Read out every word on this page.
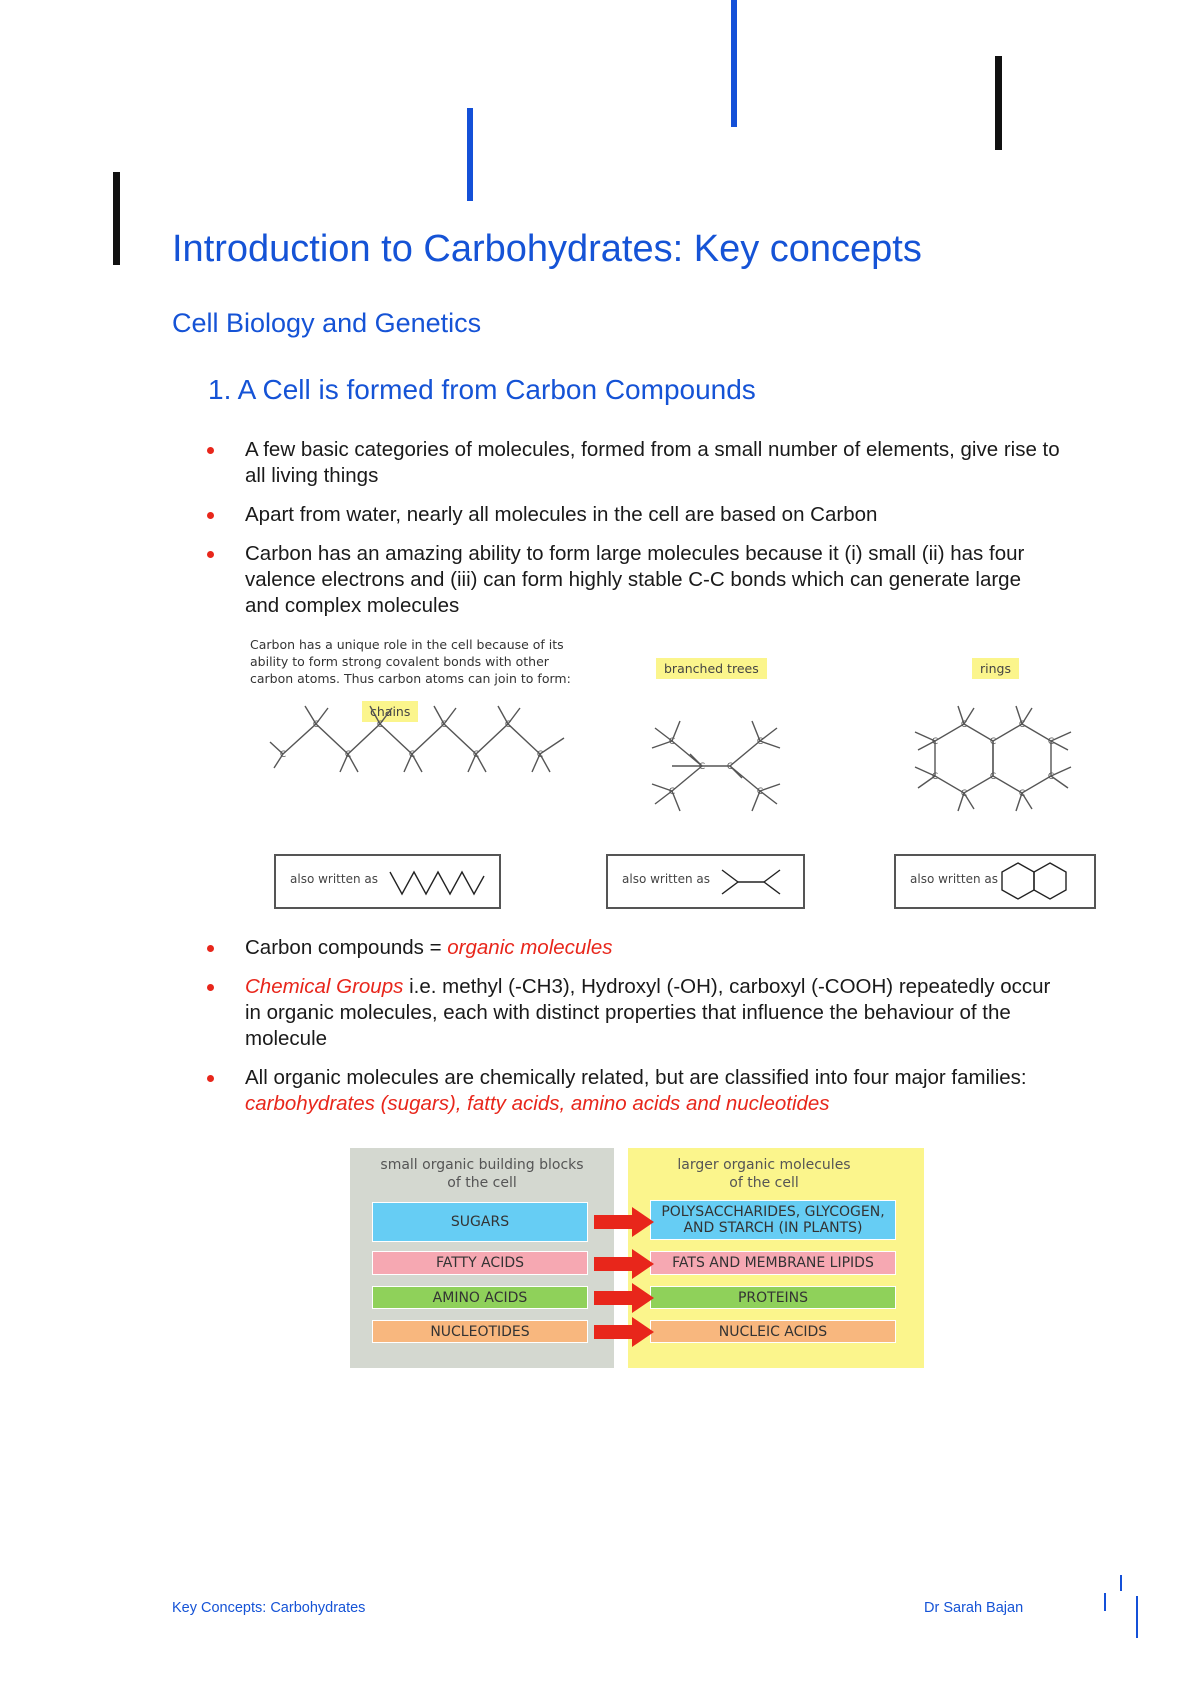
Introduction to Carbohydrates: Key concepts
Cell Biology and Genetics
1. A Cell is formed from Carbon Compounds
A few basic categories of molecules, formed from a small number of elements, give rise to all living things
Apart from water, nearly all molecules in the cell are based on Carbon
Carbon has an amazing ability to form large molecules because it (i) small (ii) has four valence electrons and (iii) can form highly stable C-C bonds which can generate large and complex molecules
Carbon has a unique role in the cell because of its
ability to form strong covalent bonds with other
carbon atoms. Thus carbon atoms can join to form:
chains
branched trees	rings
C
C
C
C
C
C
C
C
C
C
C
C C
C
C
C	C
C
C
C
C
C
C
C	C
also written as	also written as	also written as
Carbon compounds = organic molecules
Chemical Groups i.e. methyl (-CH3), Hydroxyl (-OH), carboxyl (-COOH) repeatedly occur in organic molecules, each with distinct properties that influence the behaviour of the molecule
All organic molecules are chemically related, but are classified into four major families: carbohydrates (sugars), fatty acids, amino acids and nucleotides
small organic building blocks
of the cell
SUGARS
FATTY ACIDS
AMINO ACIDS
NUCLEOTIDES
larger organic molecules
of the cell
POLYSACCHARIDES, GLYCOGEN,
AND STARCH (IN PLANTS)
FATS AND MEMBRANE LIPIDS
PROTEINS
NUCLEIC ACIDS
Key Concepts: Carbohydrates	Dr Sarah Bajan
